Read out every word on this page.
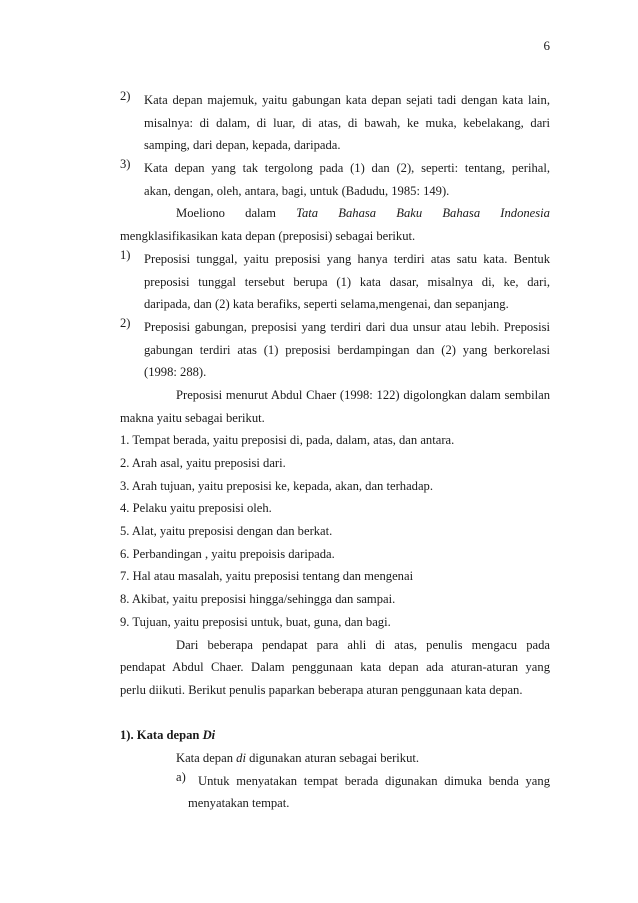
6
2)	Kata depan majemuk, yaitu gabungan kata depan sejati tadi dengan kata lain,
misalnya: di dalam, di luar, di atas, di bawah, ke muka, kebelakang, dari
samping, dari depan, kepada, daripada.
3)	Kata depan yang tak tergolong pada (1) dan (2), seperti: tentang, perihal,
akan, dengan, oleh, antara, bagi, untuk (Badudu, 1985: 149).
Moeliono dalam Tata Bahasa Baku Bahasa Indonesia
mengklasifikasikan kata depan (preposisi) sebagai berikut.
1)	Preposisi tunggal, yaitu preposisi yang hanya terdiri atas satu kata. Bentuk
preposisi tunggal tersebut berupa (1) kata dasar, misalnya di, ke, dari,
daripada, dan (2) kata berafiks, seperti selama,mengenai, dan sepanjang.
2)	Preposisi gabungan, preposisi yang terdiri dari dua unsur atau lebih. Preposisi
gabungan terdiri atas (1) preposisi berdampingan dan (2) yang berkorelasi
(1998: 288).
Preposisi menurut Abdul Chaer (1998: 122) digolongkan dalam sembilan
makna yaitu sebagai berikut.
1. Tempat berada, yaitu preposisi di, pada, dalam, atas, dan antara.
2. Arah asal, yaitu preposisi dari.
3. Arah tujuan, yaitu preposisi ke, kepada, akan, dan terhadap.
4. Pelaku yaitu preposisi oleh.
5. Alat, yaitu preposisi dengan dan berkat.
6. Perbandingan , yaitu prepoisis daripada.
7. Hal atau masalah, yaitu preposisi tentang dan mengenai
8. Akibat, yaitu preposisi hingga/sehingga dan sampai.
9. Tujuan, yaitu preposisi untuk, buat, guna, dan bagi.
Dari beberapa pendapat para ahli di atas, penulis mengacu pada
pendapat Abdul Chaer. Dalam penggunaan kata depan ada aturan-aturan yang
perlu diikuti. Berikut penulis paparkan beberapa aturan penggunaan kata depan.
1). Kata depan Di
Kata depan di digunakan aturan sebagai berikut.
a) Untuk menyatakan tempat berada digunakan dimuka benda yang
menyatakan tempat.
